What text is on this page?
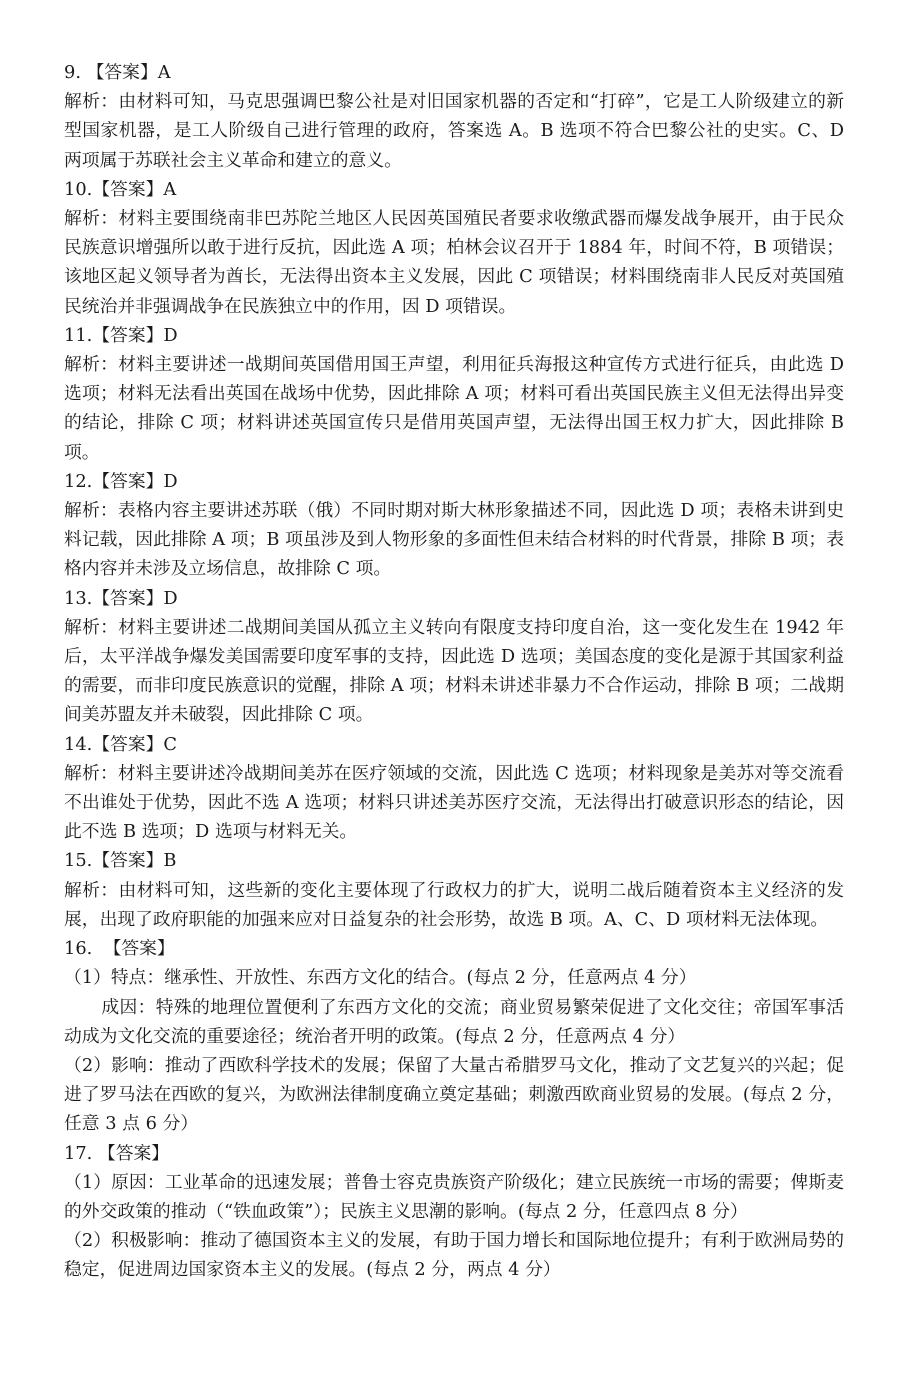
9. 【答案】A

解析：由材料可知，马克思强调巴黎公社是对旧国家机器的否定和“打碎”，它是工人阶级建立的新型国家机器，是工人阶级自己进行管理的政府，答案选 A。B 选项不符合巴黎公社的史实。C、D 两项属于苏联社会主义革命和建立的意义。

10.【答案】A

解析：材料主要围绕南非巴苏陀兰地区人民因英国殖民者要求收缴武器而爆发战争展开，由于民众民族意识增强所以敢于进行反抗，因此选 A 项；柏林会议召开于 1884 年，时间不符，B 项错误；该地区起义领导者为酋长，无法得出资本主义发展，因此 C 项错误；材料围绕南非人民反对英国殖民统治并非强调战争在民族独立中的作用，因 D 项错误。

11.【答案】D

解析：材料主要讲述一战期间英国借用国王声望，利用征兵海报这种宣传方式进行征兵，由此选 D 选项；材料无法看出英国在战场中优势，因此排除 A 项；材料可看出英国民族主义但无法得出异变的结论，排除 C 项；材料讲述英国宣传只是借用英国声望，无法得出国王权力扩大，因此排除 B 项。

12.【答案】D

解析：表格内容主要讲述苏联（俄）不同时期对斯大林形象描述不同，因此选 D 项；表格未讲到史料记载，因此排除 A 项；B 项虽涉及到人物形象的多面性但未结合材料的时代背景，排除 B 项；表格内容并未涉及立场信息，故排除 C 项。

13.【答案】D

解析：材料主要讲述二战期间美国从孤立主义转向有限度支持印度自治，这一变化发生在 1942 年后，太平洋战争爆发美国需要印度军事的支持，因此选 D 选项；美国态度的变化是源于其国家利益的需要，而非印度民族意识的觉醒，排除 A 项；材料未讲述非暴力不合作运动，排除 B 项；二战期间美苏盟友并未破裂，因此排除 C 项。

14.【答案】C

解析：材料主要讲述冷战期间美苏在医疗领域的交流，因此选 C 选项；材料现象是美苏对等交流看不出谁处于优势，因此不选 A 选项；材料只讲述美苏医疗交流，无法得出打破意识形态的结论，因此不选 B 选项；D 选项与材料无关。

15.【答案】B

解析：由材料可知，这些新的变化主要体现了行政权力的扩大，说明二战后随着资本主义经济的发展，出现了政府职能的加强来应对日益复杂的社会形势，故选 B 项。A、C、D 项材料无法体现。

16.  【答案】

（1）特点：继承性、开放性、东西方文化的结合。(每点 2 分，任意两点 4 分）

成因：特殊的地理位置便利了东西方文化的交流；商业贸易繁荣促进了文化交往；帝国军事活动成为文化交流的重要途径；统治者开明的政策。(每点 2 分，任意两点 4 分）

（2）影响：推动了西欧科学技术的发展；保留了大量古希腊罗马文化，推动了文艺复兴的兴起；促进了罗马法在西欧的复兴，为欧洲法律制度确立奠定基础；刺激西欧商业贸易的发展。(每点 2 分，任意 3 点 6 分）

17. 【答案】

（1）原因：工业革命的迅速发展；普鲁士容克贵族资产阶级化；建立民族统一市场的需要；俾斯麦的外交政策的推动（“铁血政策”）；民族主义思潮的影响。(每点 2 分，任意四点 8 分）

（2）积极影响：推动了德国资本主义的发展，有助于国力增长和国际地位提升；有利于欧洲局势的稳定，促进周边国家资本主义的发展。(每点 2 分，两点 4 分）
